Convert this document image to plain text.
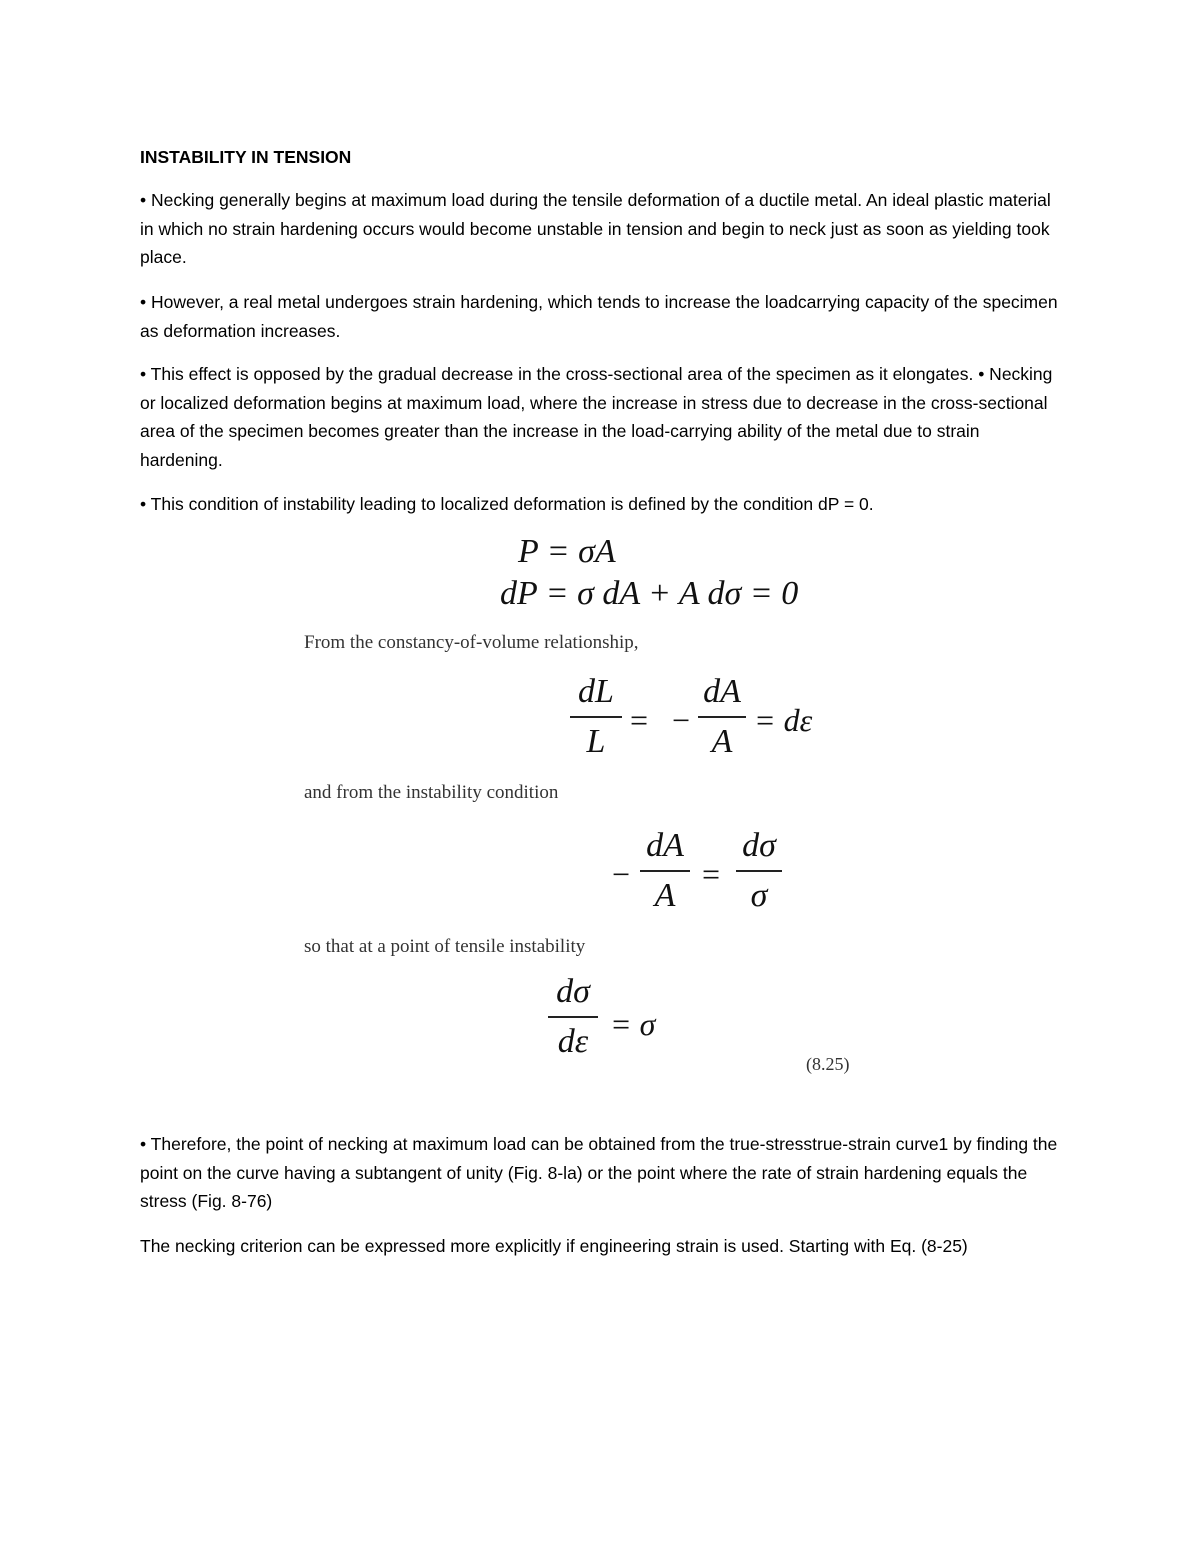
INSTABILITY IN TENSION

• Necking generally begins at maximum load during the tensile deformation of a ductile metal. An ideal plastic material in which no strain hardening occurs would become unstable in tension and begin to neck just as soon as yielding took place.

• However, a real metal undergoes strain hardening, which tends to increase the loadcarrying capacity of the specimen as deformation increases.

• This effect is opposed by the gradual decrease in the cross-sectional area of the specimen as it elongates. • Necking or localized deformation begins at maximum load, where the increase in stress due to decrease in the cross-sectional area of the specimen becomes greater than the increase in the load-carrying ability of the metal due to strain hardening.

• This condition of instability leading to localized deformation is defined by the condition dP = 0.

P = σA
dP = σ dA + A dσ = 0
From the constancy-of-volume relationship,
dL
L
= −
dA
A
= dε
and from the instability condition
−
dA
A
=
dσ
σ
so that at a point of tensile instability
dσ
dε = σ
(8.25)

• Therefore, the point of necking at maximum load can be obtained from the true-stresstrue-strain curve1 by finding the point on the curve having a subtangent of unity (Fig. 8-la) or the point where the rate of strain hardening equals the stress (Fig. 8-76)

The necking criterion can be expressed more explicitly if engineering strain is used. Starting with Eq. (8-25)
